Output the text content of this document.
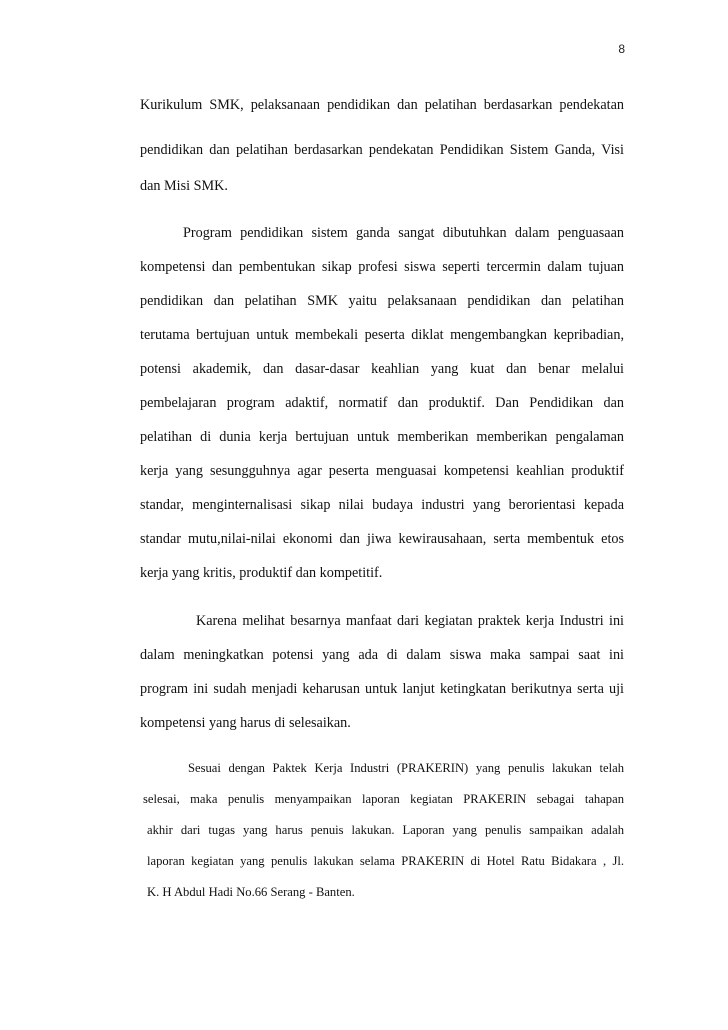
8
Kurikulum SMK, pelaksanaan pendidikan dan pelatihan berdasarkan pendekatan
pendidikan dan pelatihan berdasarkan pendekatan Pendidikan Sistem Ganda, Visi
dan Misi SMK.
Program pendidikan sistem ganda sangat dibutuhkan dalam penguasaan
kompetensi dan pembentukan sikap profesi siswa seperti tercermin dalam tujuan
pendidikan dan pelatihan SMK yaitu pelaksanaan pendidikan dan pelatihan
terutama bertujuan untuk membekali peserta diklat mengembangkan kepribadian,
potensi akademik, dan dasar-dasar keahlian yang kuat dan benar melalui
pembelajaran program adaktif, normatif dan produktif. Dan Pendidikan dan
pelatihan di dunia kerja bertujuan untuk memberikan memberikan pengalaman
kerja yang sesungguhnya agar peserta menguasai kompetensi keahlian produktif
standar, menginternalisasi sikap nilai budaya industri yang berorientasi kepada
standar mutu,nilai-nilai ekonomi dan jiwa kewirausahaan, serta membentuk etos
kerja yang kritis, produktif dan kompetitif.
Karena melihat besarnya manfaat dari kegiatan praktek kerja Industri ini
dalam meningkatkan potensi yang ada di dalam siswa maka sampai saat ini
program ini sudah menjadi keharusan untuk lanjut ketingkatan berikutnya serta uji
kompetensi yang harus di selesaikan.
Sesuai dengan Paktek Kerja Industri (PRAKERIN) yang penulis lakukan telah
selesai, maka penulis menyampaikan laporan kegiatan PRAKERIN sebagai tahapan
akhir dari tugas yang harus penuis lakukan. Laporan yang penulis sampaikan adalah
laporan kegiatan yang penulis lakukan selama PRAKERIN di Hotel Ratu Bidakara , Jl.
K. H Abdul Hadi No.66 Serang - Banten.
